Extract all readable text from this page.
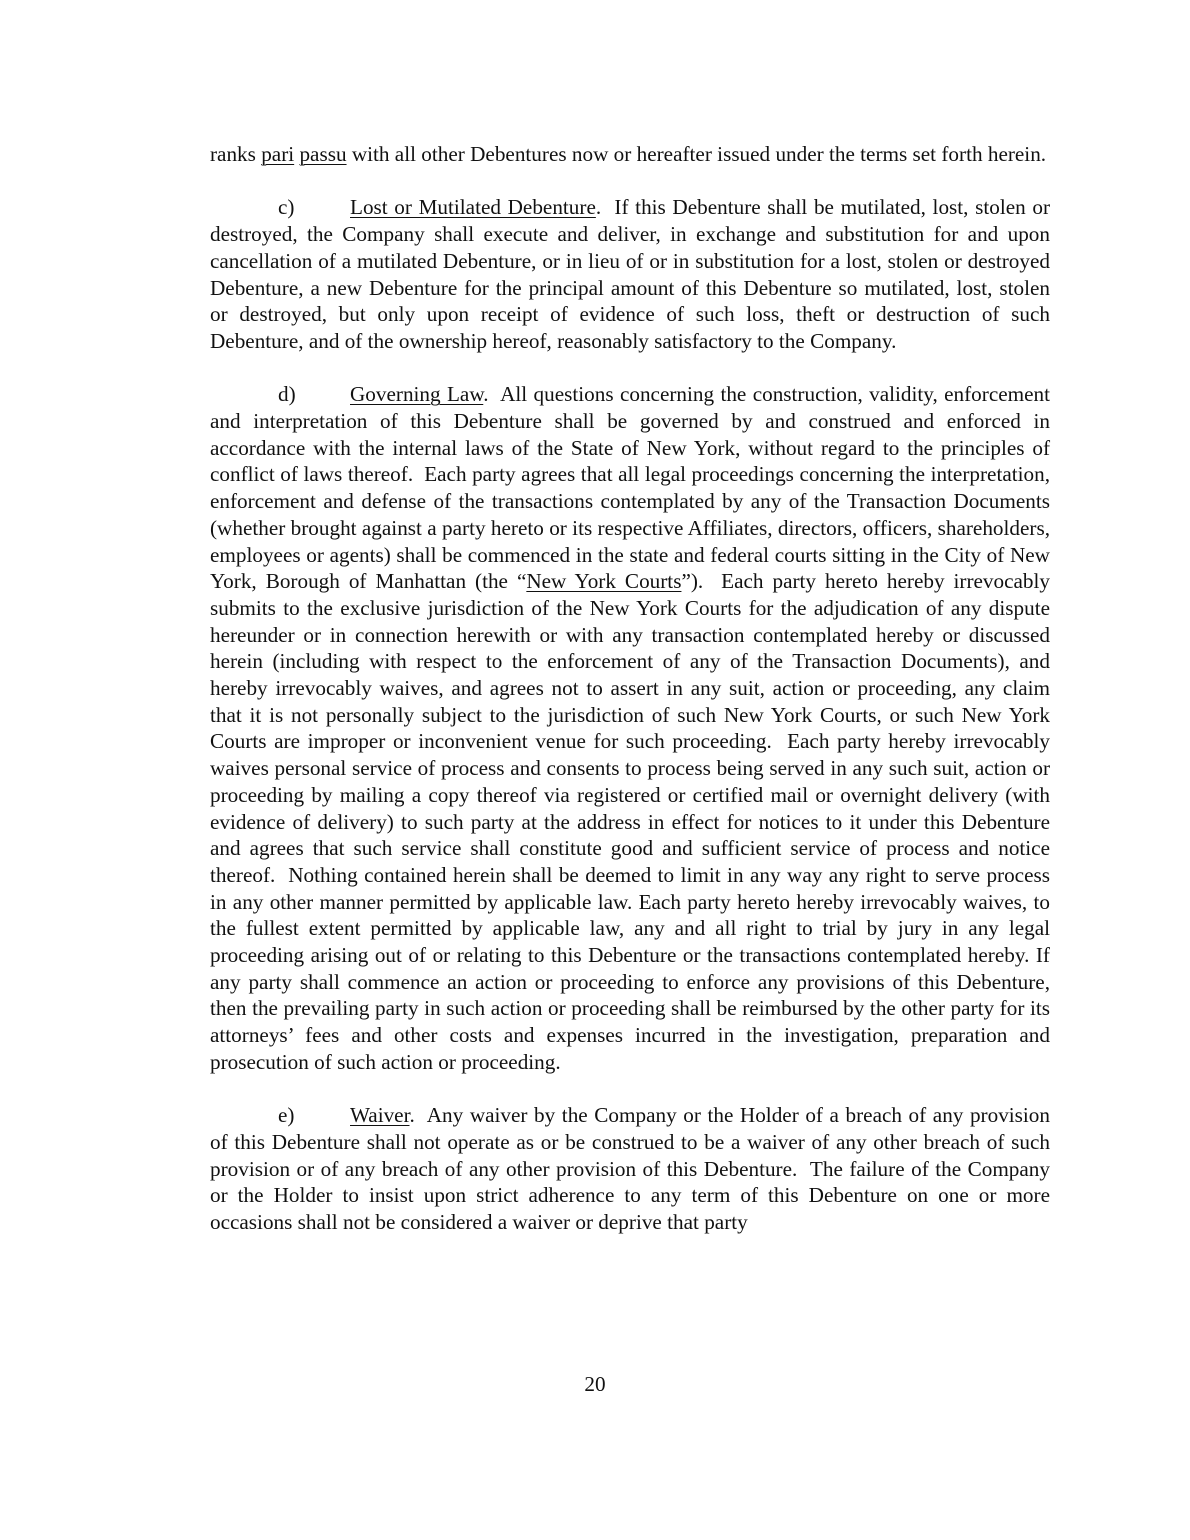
ranks pari passu with all other Debentures now or hereafter issued under the terms set forth herein.

c)	Lost or Mutilated Debenture.  If this Debenture shall be mutilated, lost, stolen or destroyed, the Company shall execute and deliver, in exchange and substitution for and upon cancellation of a mutilated Debenture, or in lieu of or in substitution for a lost, stolen or destroyed Debenture, a new Debenture for the principal amount of this Debenture so mutilated, lost, stolen or destroyed, but only upon receipt of evidence of such loss, theft or destruction of such Debenture, and of the ownership hereof, reasonably satisfactory to the Company.

d)	Governing Law.  All questions concerning the construction, validity, enforcement and interpretation of this Debenture shall be governed by and construed and enforced in accordance with the internal laws of the State of New York, without regard to the principles of conflict of laws thereof.  Each party agrees that all legal proceedings concerning the interpretation, enforcement and defense of the transactions contemplated by any of the Transaction Documents (whether brought against a party hereto or its respective Affiliates, directors, officers, shareholders, employees or agents) shall be commenced in the state and federal courts sitting in the City of New York, Borough of Manhattan (the “New York Courts”).  Each party hereto hereby irrevocably submits to the exclusive jurisdiction of the New York Courts for the adjudication of any dispute hereunder or in connection herewith or with any transaction contemplated hereby or discussed herein (including with respect to the enforcement of any of the Transaction Documents), and hereby irrevocably waives, and agrees not to assert in any suit, action or proceeding, any claim that it is not personally subject to the jurisdiction of such New York Courts, or such New York Courts are improper or inconvenient venue for such proceeding.  Each party hereby irrevocably waives personal service of process and consents to process being served in any such suit, action or proceeding by mailing a copy thereof via registered or certified mail or overnight delivery (with evidence of delivery) to such party at the address in effect for notices to it under this Debenture and agrees that such service shall constitute good and sufficient service of process and notice thereof.  Nothing contained herein shall be deemed to limit in any way any right to serve process in any other manner permitted by applicable law. Each party hereto hereby irrevocably waives, to the fullest extent permitted by applicable law, any and all right to trial by jury in any legal proceeding arising out of or relating to this Debenture or the transactions contemplated hereby. If any party shall commence an action or proceeding to enforce any provisions of this Debenture, then the prevailing party in such action or proceeding shall be reimbursed by the other party for its attorneys’ fees and other costs and expenses incurred in the investigation, preparation and prosecution of such action or proceeding.

e)	Waiver.  Any waiver by the Company or the Holder of a breach of any provision of this Debenture shall not operate as or be construed to be a waiver of any other breach of such provision or of any breach of any other provision of this Debenture.  The failure of the Company or the Holder to insist upon strict adherence to any term of this Debenture on one or more occasions shall not be considered a waiver or deprive that party

20
